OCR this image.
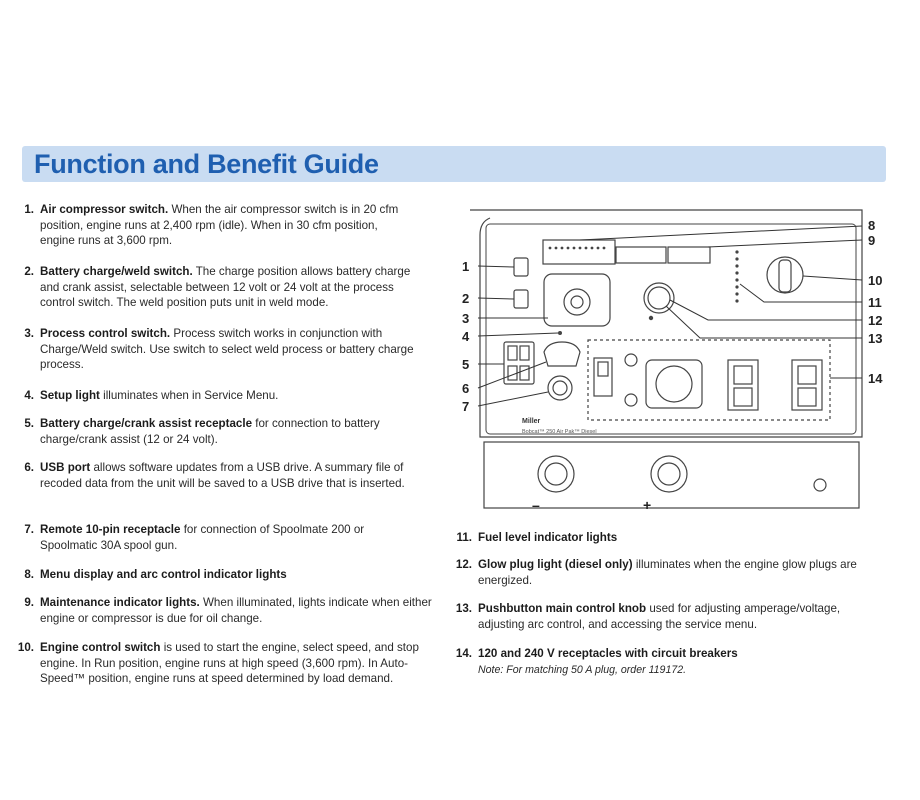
Function and Benefit Guide
1. Air compressor switch. When the air compressor switch is in 20 cfm position, engine runs at 2,400 rpm (idle). When in 30 cfm position, engine runs at 3,600 rpm.
2. Battery charge/weld switch. The charge position allows battery charge and crank assist, selectable between 12 volt or 24 volt at the process control switch. The weld position puts unit in weld mode.
3. Process control switch. Process switch works in conjunction with Charge/Weld switch. Use switch to select weld process or battery charge process.
4. Setup light illuminates when in Service Menu.
5. Battery charge/crank assist receptacle for connection to battery charge/crank assist (12 or 24 volt).
6. USB port allows software updates from a USB drive. A summary file of recoded data from the unit will be saved to a USB drive that is inserted.
7. Remote 10-pin receptacle for connection of Spoolmate 200 or Spoolmatic 30A spool gun.
8. Menu display and arc control indicator lights
9. Maintenance indicator lights. When illuminated, lights indicate when either engine or compressor is due for oil change.
10. Engine control switch is used to start the engine, select speed, and stop engine. In Run position, engine runs at high speed (3,600 rpm). In Auto-Speed™ position, engine runs at speed determined by load demand.
11. Fuel level indicator lights
12. Glow plug light (diesel only) illuminates when the engine glow plugs are energized.
13. Pushbutton main control knob used for adjusting amperage/voltage, adjusting arc control, and accessing the service menu.
14. 120 and 240 V receptacles with circuit breakers
Note: For matching 50 A plug, order 119172.
1
2
3
4
5
6
7
8
9
10
11
12
13
14
Miller
Bobcat™ 250 Air Pak™ Diesel
–	+
